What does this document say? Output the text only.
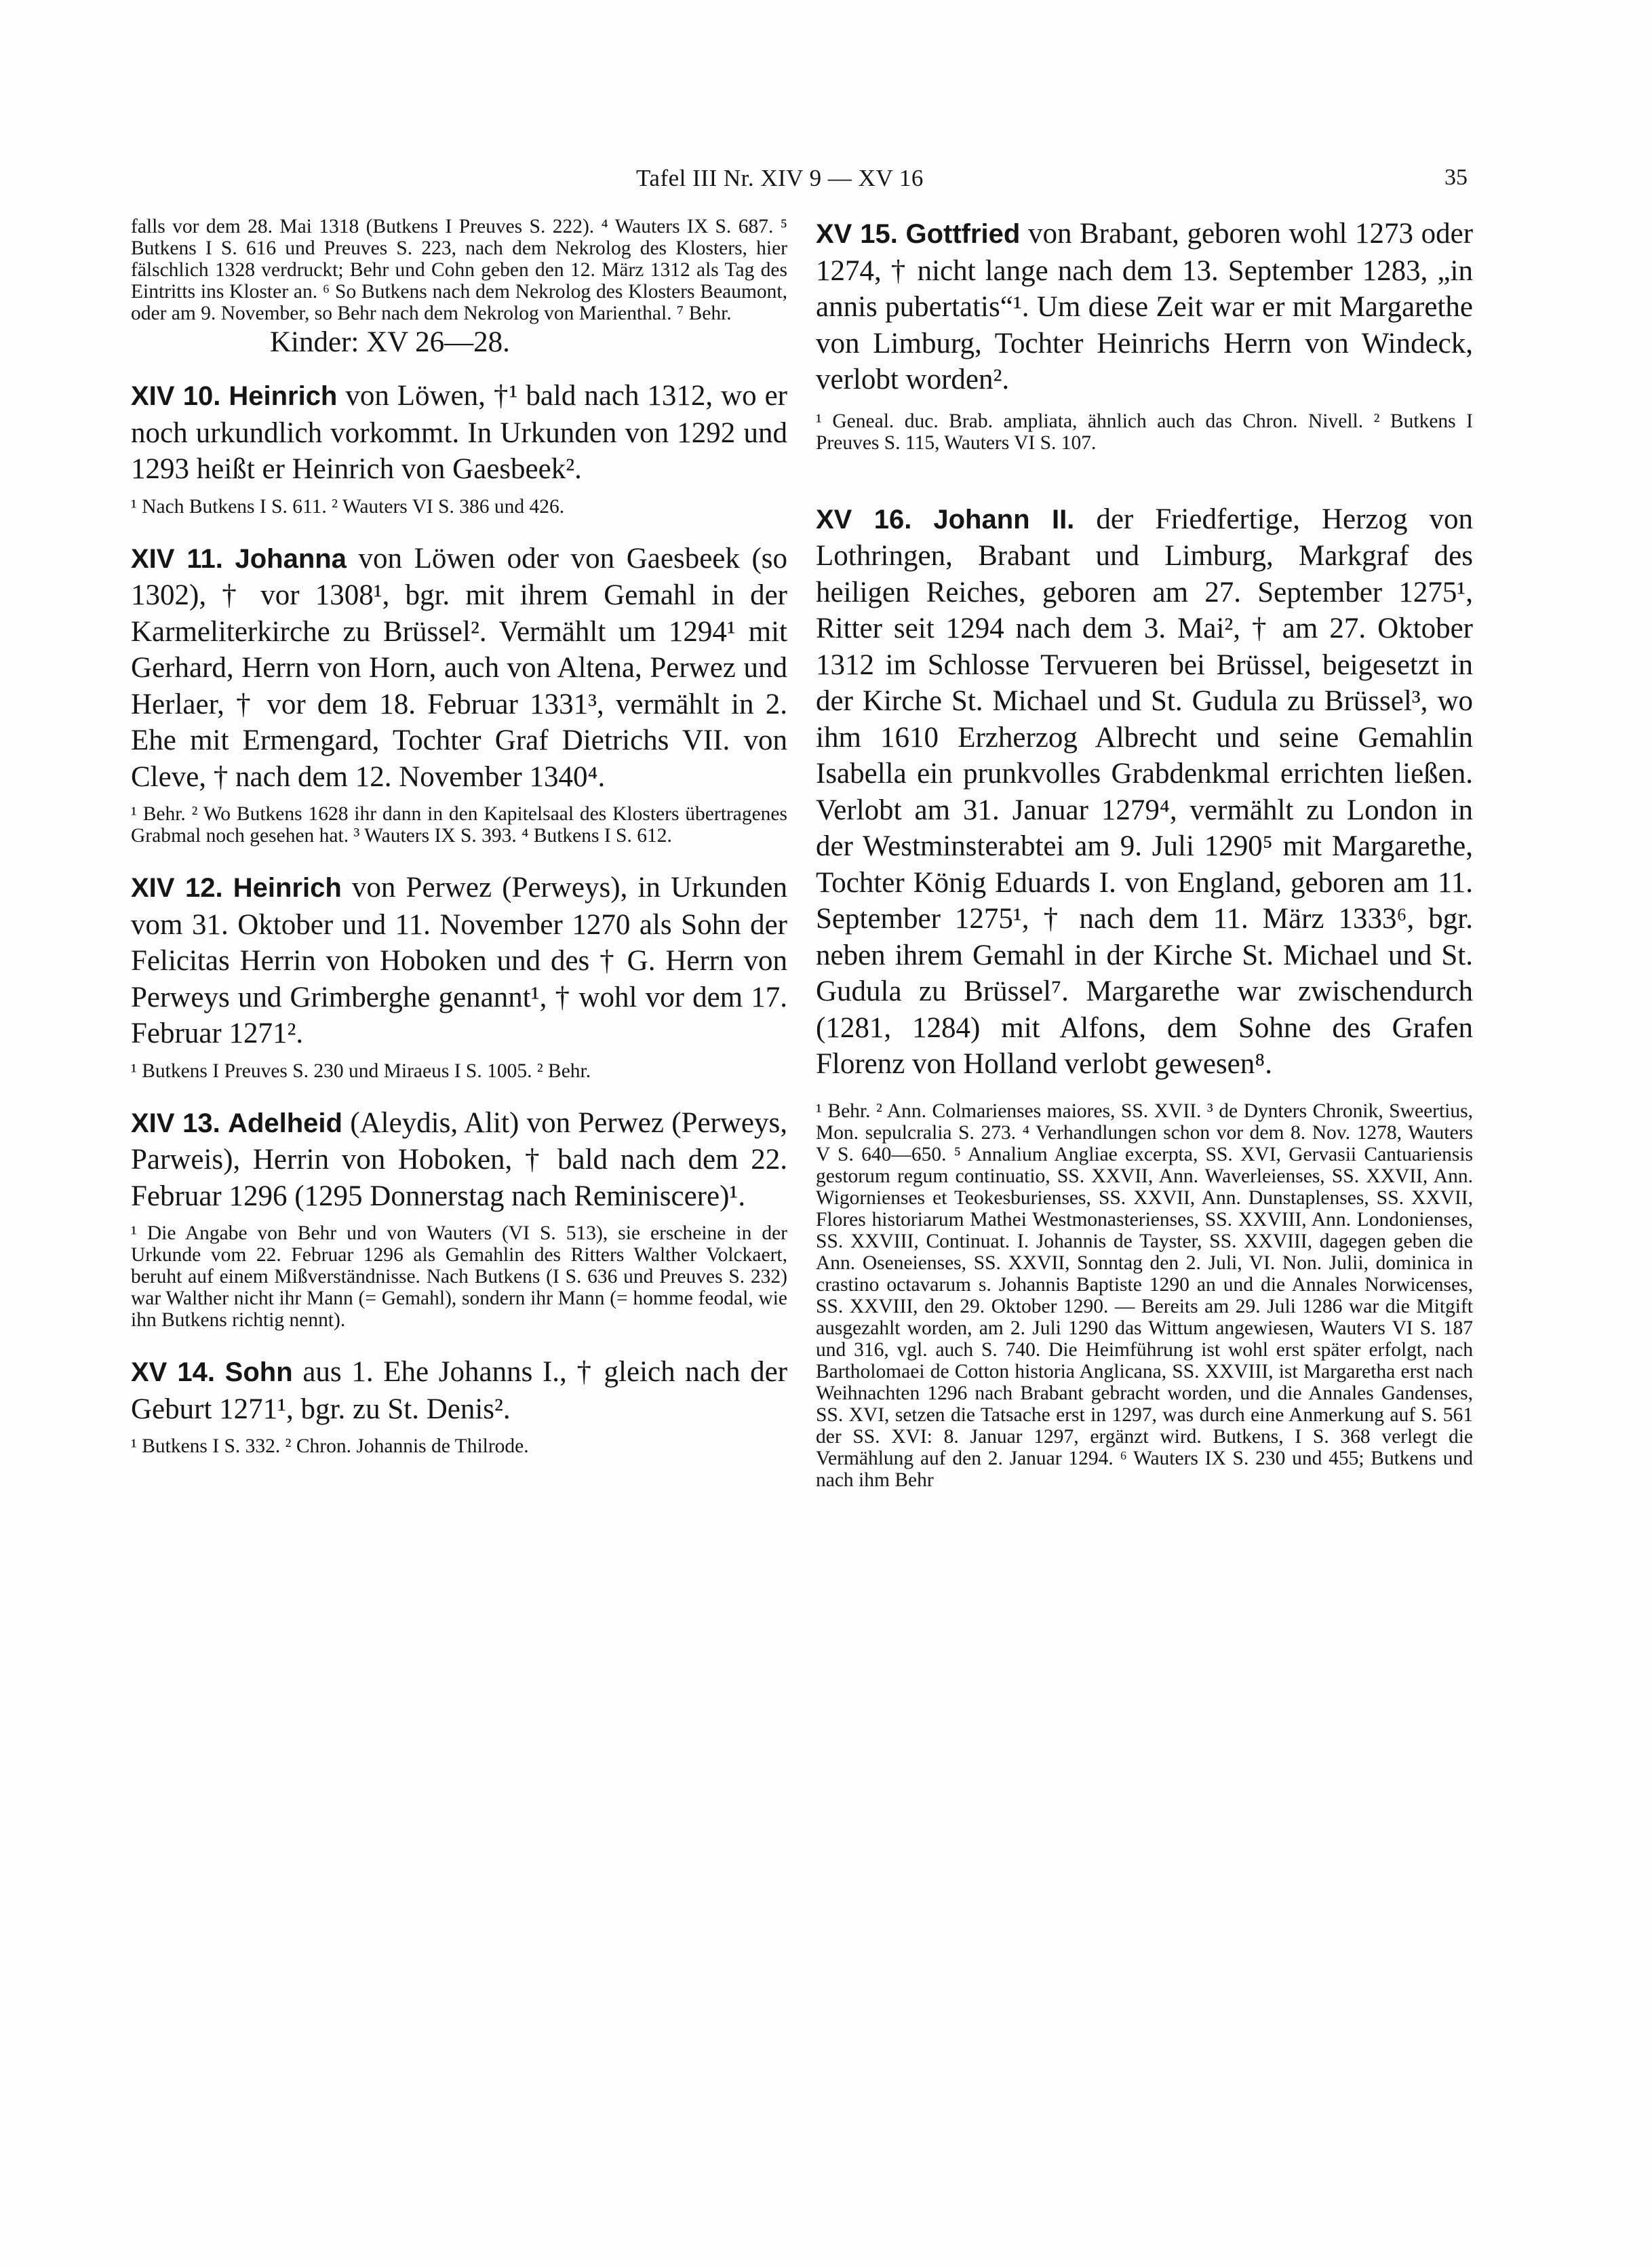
Tafel III Nr. XIV 9 — XV 16	35

falls vor dem 28. Mai 1318 (Butkens I Preuves S. 222). ⁴ Wauters IX S. 687. ⁵ Butkens I S. 616 und Preuves S. 223, nach dem Nekrolog des Klosters, hier fälschlich 1328 verdruckt; Behr und Cohn geben den 12. März 1312 als Tag des Eintritts ins Kloster an. ⁶ So Butkens nach dem Nekrolog des Klosters Beaumont, oder am 9. November, so Behr nach dem Nekrolog von Marienthal. ⁷ Behr.

Kinder: XV 26—28.

XIV 10. Heinrich von Löwen, †¹ bald nach 1312, wo er noch urkundlich vorkommt. In Urkunden von 1292 und 1293 heißt er Heinrich von Gaesbeek².

¹ Nach Butkens I S. 611. ² Wauters VI S. 386 und 426.

XIV 11. Johanna von Löwen oder von Gaesbeek (so 1302), † vor 1308¹, bgr. mit ihrem Gemahl in der Karmeliterkirche zu Brüssel². Vermählt um 1294¹ mit Gerhard, Herrn von Horn, auch von Altena, Perwez und Herlaer, † vor dem 18. Februar 1331³, vermählt in 2. Ehe mit Ermengard, Tochter Graf Dietrichs VII. von Cleve, † nach dem 12. November 1340⁴.

¹ Behr. ² Wo Butkens 1628 ihr dann in den Kapitelsaal des Klosters übertragenes Grabmal noch gesehen hat. ³ Wauters IX S. 393. ⁴ Butkens I S. 612.

XIV 12. Heinrich von Perwez (Perweys), in Urkunden vom 31. Oktober und 11. November 1270 als Sohn der Felicitas Herrin von Hoboken und des † G. Herrn von Perweys und Grimberghe genannt¹, † wohl vor dem 17. Februar 1271².

¹ Butkens I Preuves S. 230 und Miraeus I S. 1005. ² Behr.

XIV 13. Adelheid (Aleydis, Alit) von Perwez (Perweys, Parweis), Herrin von Hoboken, † bald nach dem 22. Februar 1296 (1295 Donnerstag nach Reminiscere)¹.

¹ Die Angabe von Behr und von Wauters (VI S. 513), sie erscheine in der Urkunde vom 22. Februar 1296 als Gemahlin des Ritters Walther Volckaert, beruht auf einem Mißverständnisse. Nach Butkens (I S. 636 und Preuves S. 232) war Walther nicht ihr Mann (= Gemahl), sondern ihr Mann (= homme feodal, wie ihn Butkens richtig nennt).

XV 14. Sohn aus 1. Ehe Johanns I., † gleich nach der Geburt 1271¹, bgr. zu St. Denis².

¹ Butkens I S. 332. ² Chron. Johannis de Thilrode.

XV 15. Gottfried von Brabant, geboren wohl 1273 oder 1274, † nicht lange nach dem 13. September 1283, „in annis pubertatis“¹. Um diese Zeit war er mit Margarethe von Limburg, Tochter Heinrichs Herrn von Windeck, verlobt worden².

¹ Geneal. duc. Brab. ampliata, ähnlich auch das Chron. Nivell. ² Butkens I Preuves S. 115, Wauters VI S. 107.

XV 16. Johann II. der Friedfertige, Herzog von Lothringen, Brabant und Limburg, Markgraf des heiligen Reiches, geboren am 27. September 1275¹, Ritter seit 1294 nach dem 3. Mai², † am 27. Oktober 1312 im Schlosse Tervueren bei Brüssel, beigesetzt in der Kirche St. Michael und St. Gudula zu Brüssel³, wo ihm 1610 Erzherzog Albrecht und seine Gemahlin Isabella ein prunkvolles Grabdenkmal errichten ließen. Verlobt am 31. Januar 1279⁴, vermählt zu London in der Westminsterabtei am 9. Juli 1290⁵ mit Margarethe, Tochter König Eduards I. von England, geboren am 11. September 1275¹, † nach dem 11. März 1333⁶, bgr. neben ihrem Gemahl in der Kirche St. Michael und St. Gudula zu Brüssel⁷. Margarethe war zwischendurch (1281, 1284) mit Alfons, dem Sohne des Grafen Florenz von Holland verlobt gewesen⁸.

¹ Behr. ² Ann. Colmarienses maiores, SS. XVII. ³ de Dynters Chronik, Sweertius, Mon. sepulcralia S. 273. ⁴ Verhandlungen schon vor dem 8. Nov. 1278, Wauters V S. 640—650. ⁵ Annalium Angliae excerpta, SS. XVI, Gervasii Cantuariensis gestorum regum continuatio, SS. XXVII, Ann. Waverleienses, SS. XXVII, Ann. Wigornienses et Teokesburienses, SS. XXVII, Ann. Dunstaplenses, SS. XXVII, Flores historiarum Mathei Westmonasterienses, SS. XXVIII, Ann. Londonienses, SS. XXVIII, Continuat. I. Johannis de Tayster, SS. XXVIII, dagegen geben die Ann. Oseneienses, SS. XXVII, Sonntag den 2. Juli, VI. Non. Julii, dominica in crastino octavarum s. Johannis Baptiste 1290 an und die Annales Norwicenses, SS. XXVIII, den 29. Oktober 1290. — Bereits am 29. Juli 1286 war die Mitgift ausgezahlt worden, am 2. Juli 1290 das Wittum angewiesen, Wauters VI S. 187 und 316, vgl. auch S. 740. Die Heimführung ist wohl erst später erfolgt, nach Bartholomaei de Cotton historia Anglicana, SS. XXVIII, ist Margaretha erst nach Weihnachten 1296 nach Brabant gebracht worden, und die Annales Gandenses, SS. XVI, setzen die Tatsache erst in 1297, was durch eine Anmerkung auf S. 561 der SS. XVI: 8. Januar 1297, ergänzt wird. Butkens, I S. 368 verlegt die Vermählung auf den 2. Januar 1294. ⁶ Wauters IX S. 230 und 455; Butkens und nach ihm Behr
